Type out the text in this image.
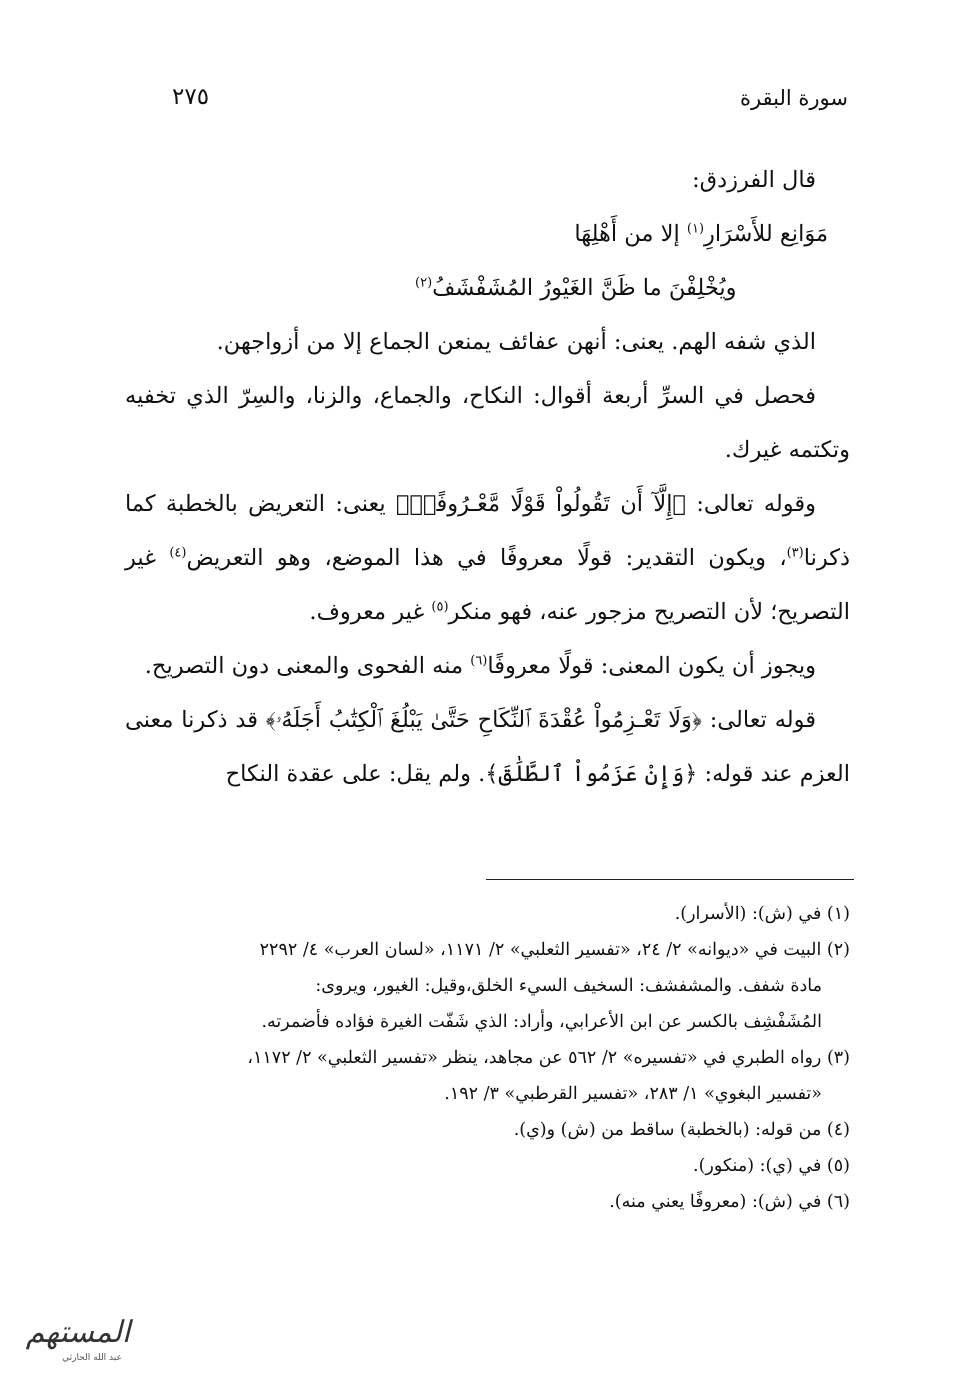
سورة البقرة
٢٧٥

قال الفرزدق:

مَوَانِع للأَسْرَارِ$^{(١)}$ إلا من أَهْلِهَا

ويُخْلِفْنَ ما ظَنَّ الغَيْورُ المُشَفْشَفُ$^{(٢)}$

الذي شفه الهم. يعنى: أنهن عفائف يمنعن الجماع إلا من أزواجهن.

فحصل في السرِّ أربعة أقوال: النكاح، والجماع، والزنا، والسِرّ الذي تخفيه وتكتمه غيرك.

وقوله تعالى: ﴿إِلَّآ أَن تَقُولُواْ قَوْلًا مَّعْـرُوفًاۚ﴾ يعنى: التعريض بالخطبة كما ذكرنا$^{(٣)}$، ويكون التقدير: قولًا معروفًا في هذا الموضع، وهو التعريض$^{(٤)}$ غير التصريح؛ لأن التصريح مزجور عنه، فهو منكر$^{(٥)}$ غير معروف.

ويجوز أن يكون المعنى: قولًا معروفًا$^{(٦)}$ منه الفحوى والمعنى دون التصريح.

قوله تعالى: ﴿وَلَا تَعْـزِمُواْ عُقْدَةَ ٱلنِّكَاحِ حَتَّىٰ يَبْلُغَ ٱلْكِتَٰبُ أَجَلَهُۥ﴾ قد ذكرنا معنى العزم عند قوله: ﴿وَإِنْ عَزَمُواْ ٱلطَّلَٰقَ﴾. ولم يقل: على عقدة النكاح

(١) في (ش): (الأسرار).

(٢) البيت في «ديوانه» ٢/ ٢٤، «تفسير الثعلبي» ٢/ ١١٧١، «لسان العرب» ٤/ ٢٢٩٢

مادة شفف. والمشفشف: السخيف السيء الخلق،وقيل: الغيور، ويروى:

المُشَفْشِف بالكسر عن ابن الأعرابي، وأراد: الذي شَفّت الغيرة فؤاده فأضمرته.

(٣) رواه الطبري في «تفسيره» ٢/ ٥٦٢ عن مجاهد، ينظر «تفسير الثعلبي» ٢/ ١١٧٢،

«تفسير البغوي» ١/ ٢٨٣، «تفسير القرطبي» ٣/ ١٩٢.

(٤) من قوله: (بالخطبة) ساقط من (ش) و(ي).

(٥) في (ي): (منكور).

(٦) في (ش): (معروفًا يعني منه).

المستهم
عبد الله الحارثي
